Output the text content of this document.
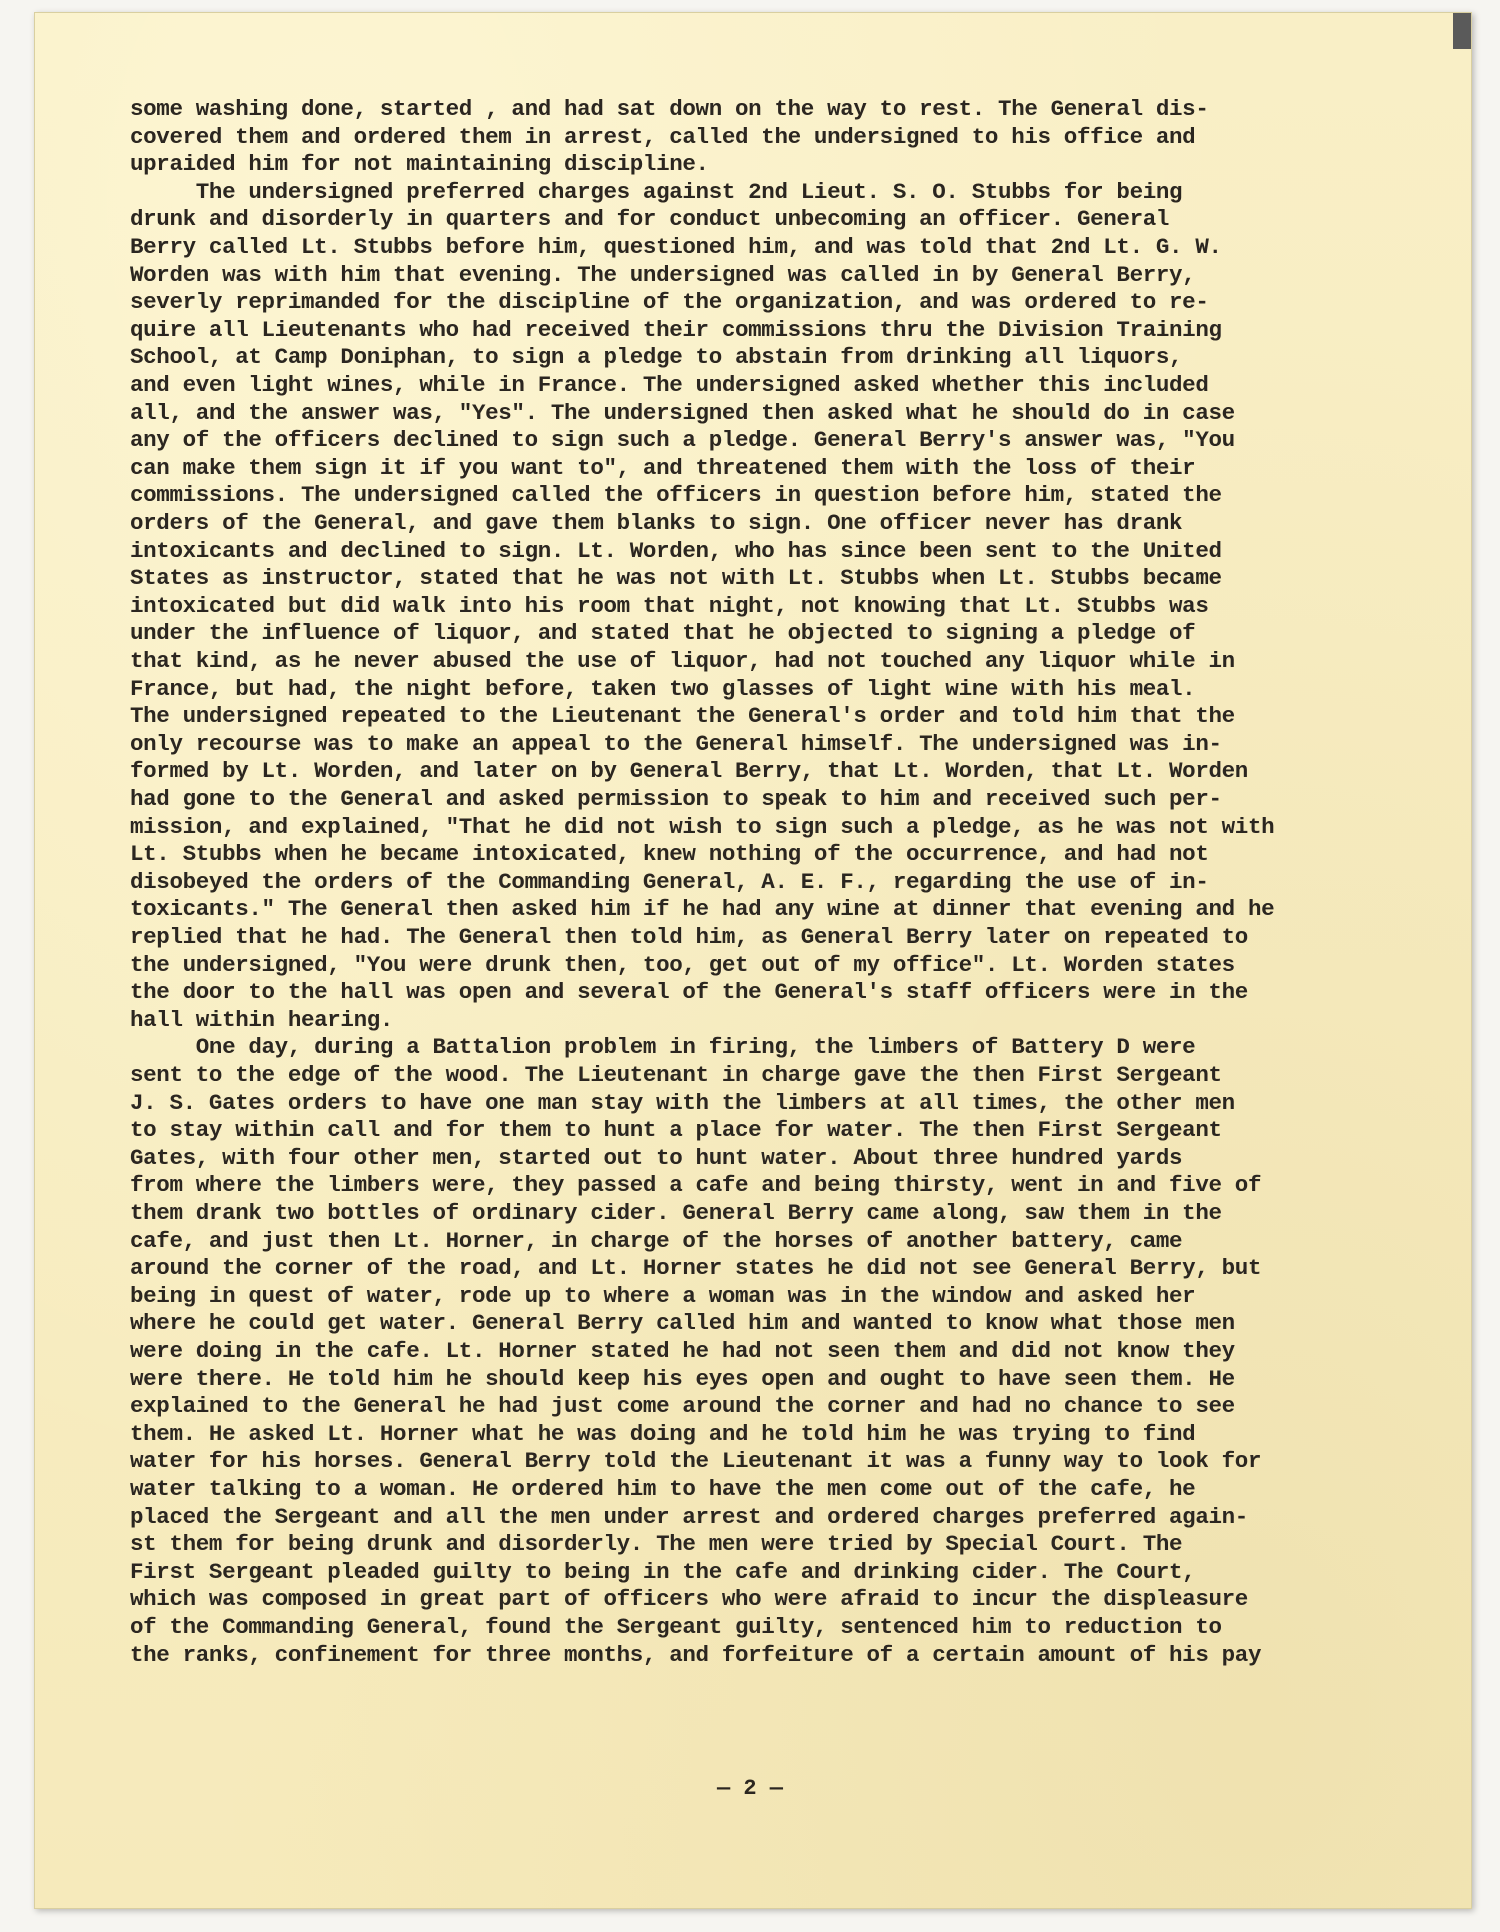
some washing done, started , and had sat down on the way to rest. The General dis-
covered them and ordered them in arrest, called the undersigned to his office and
upraided him for not maintaining discipline.
The undersigned preferred charges against 2nd Lieut. S. O. Stubbs for being
drunk and disorderly in quarters and for conduct unbecoming an officer. General
Berry called Lt. Stubbs before him, questioned him, and was told that 2nd Lt. G. W.
Worden was with him that evening. The undersigned was called in by General Berry,
severly reprimanded for the discipline of the organization, and was ordered to re-
quire all Lieutenants who had received their commissions thru the Division Training
School, at Camp Doniphan, to sign a pledge to abstain from drinking all liquors,
and even light wines, while in France. The undersigned asked whether this included
all, and the answer was, "Yes". The undersigned then asked what he should do in case
any of the officers declined to sign such a pledge. General Berry's answer was, "You
can make them sign it if you want to", and threatened them with the loss of their
commissions. The undersigned called the officers in question before him, stated the
orders of the General, and gave them blanks to sign. One officer never has drank
intoxicants and declined to sign. Lt. Worden, who has since been sent to the United
States as instructor, stated that he was not with Lt. Stubbs when Lt. Stubbs became
intoxicated but did walk into his room that night, not knowing that Lt. Stubbs was
under the influence of liquor, and stated that he objected to signing a pledge of
that kind, as he never abused the use of liquor, had not touched any liquor while in
France, but had, the night before, taken two glasses of light wine with his meal.
The undersigned repeated to the Lieutenant the General's order and told him that the
only recourse was to make an appeal to the General himself. The undersigned was in-
formed by Lt. Worden, and later on by General Berry, that Lt. Worden, that Lt. Worden
had gone to the General and asked permission to speak to him and received such per-
mission, and explained, "That he did not wish to sign such a pledge, as he was not with
Lt. Stubbs when he became intoxicated, knew nothing of the occurrence, and had not
disobeyed the orders of the Commanding General, A. E. F., regarding the use of in-
toxicants." The General then asked him if he had any wine at dinner that evening and he
replied that he had. The General then told him, as General Berry later on repeated to
the undersigned, "You were drunk then, too, get out of my office". Lt. Worden states
the door to the hall was open and several of the General's staff officers were in the
hall within hearing.
One day, during a Battalion problem in firing, the limbers of Battery D were
sent to the edge of the wood. The Lieutenant in charge gave the then First Sergeant
J. S. Gates orders to have one man stay with the limbers at all times, the other men
to stay within call and for them to hunt a place for water. The then First Sergeant
Gates, with four other men, started out to hunt water. About three hundred yards
from where the limbers were, they passed a cafe and being thirsty, went in and five of
them drank two bottles of ordinary cider. General Berry came along, saw them in the
cafe, and just then Lt. Horner, in charge of the horses of another battery, came
around the corner of the road, and Lt. Horner states he did not see General Berry, but
being in quest of water, rode up to where a woman was in the window and asked her
where he could get water. General Berry called him and wanted to know what those men
were doing in the cafe. Lt. Horner stated he had not seen them and did not know they
were there. He told him he should keep his eyes open and ought to have seen them. He
explained to the General he had just come around the corner and had no chance to see
them. He asked Lt. Horner what he was doing and he told him he was trying to find
water for his horses. General Berry told the Lieutenant it was a funny way to look for
water talking to a woman. He ordered him to have the men come out of the cafe, he
placed the Sergeant and all the men under arrest and ordered charges preferred again-
st them for being drunk and disorderly. The men were tried by Special Court. The
First Sergeant pleaded guilty to being in the cafe and drinking cider. The Court,
which was composed in great part of officers who were afraid to incur the displeasure
of the Commanding General, found the Sergeant guilty, sentenced him to reduction to
the ranks, confinement for three months, and forfeiture of a certain amount of his pay
— 2 —
